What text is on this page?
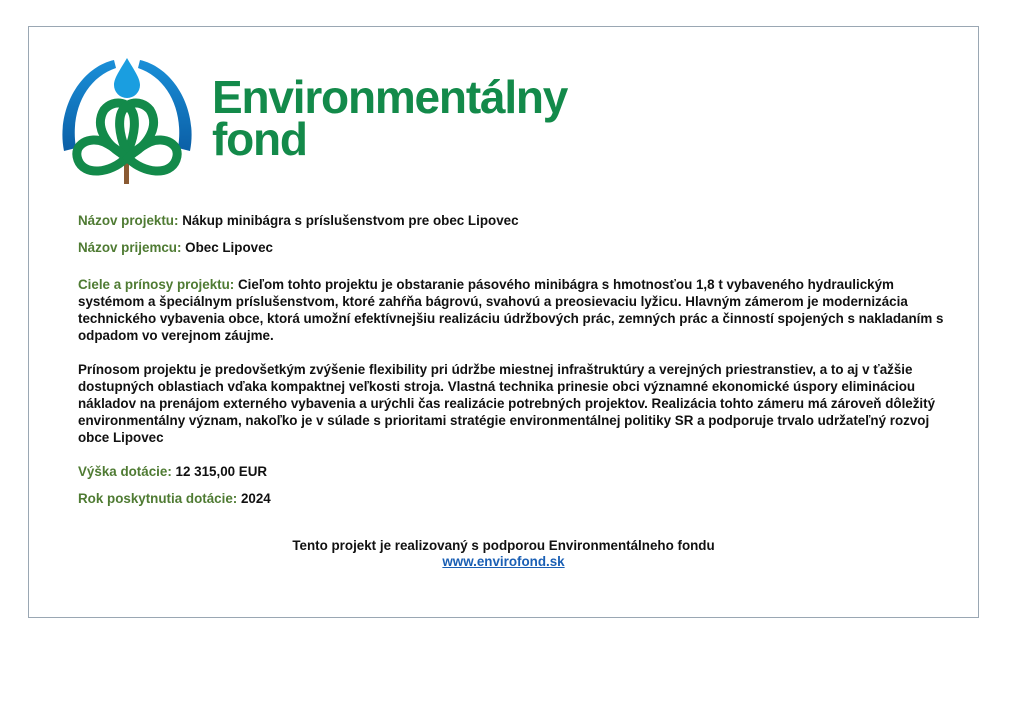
Environmentálny
fond
Názov projektu: Nákup minibágra s príslušenstvom pre obec Lipovec
Názov prijemcu: Obec Lipovec
Ciele a prínosy projektu: Cieľom tohto projektu je obstaranie pásového minibágra s hmotnosťou 1,8 t vybaveného hydraulickým systémom a špeciálnym príslušenstvom, ktoré zahŕňa bágrovú, svahovú a preosievaciu lyžicu. Hlavným zámerom je modernizácia technického vybavenia obce, ktorá umožní efektívnejšiu realizáciu údržbových prác, zemných prác a činností spojených s nakladaním s odpadom vo verejnom záujme.
Prínosom projektu je predovšetkým zvýšenie flexibility pri údržbe miestnej infraštruktúry a verejných priestranstiev, a to aj v ťažšie dostupných oblastiach vďaka kompaktnej veľkosti stroja. Vlastná technika prinesie obci významné ekonomické úspory elimináciou nákladov na prenájom externého vybavenia a urýchli čas realizácie potrebných projektov. Realizácia tohto zámeru má zároveň dôležitý environmentálny význam, nakoľko je v súlade s prioritami stratégie environmentálnej politiky SR a podporuje trvalo udržateľný rozvoj obce Lipovec
Výška dotácie: 12 315,00 EUR
Rok poskytnutia dotácie: 2024
Tento projekt je realizovaný s podporou Environmentálneho fondu
www.envirofond.sk
